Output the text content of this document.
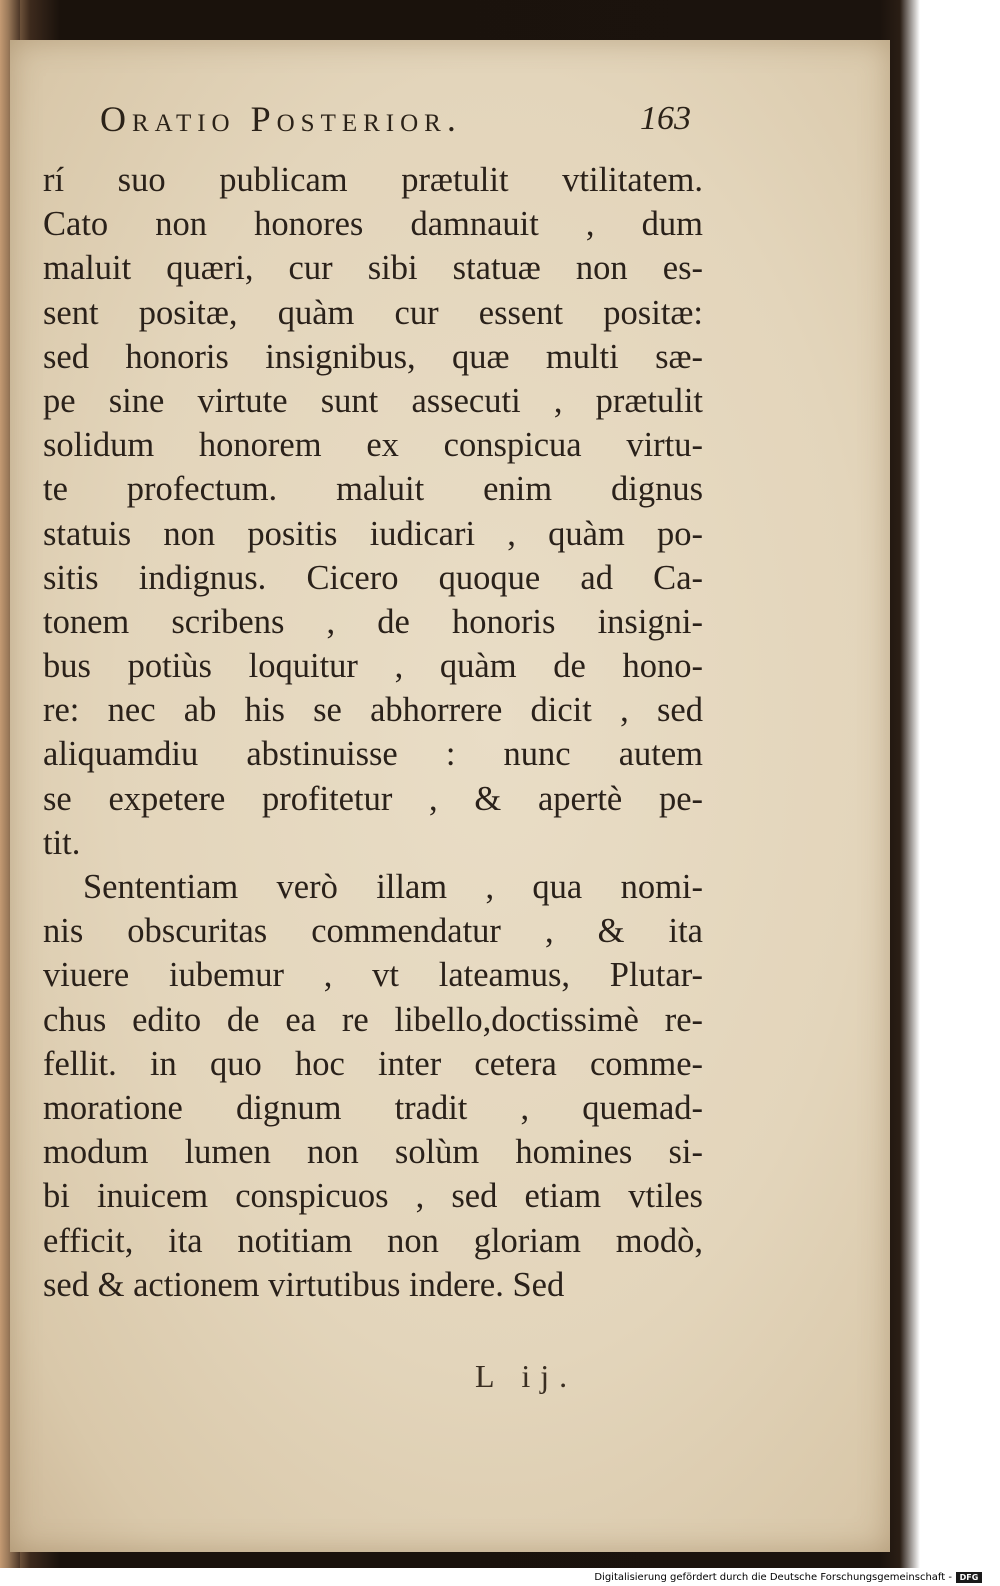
Oratio Posterior.	163
rí suo publicam prætulit vtilitatem.
Cato non honores damnauit , dum
maluit quæri, cur sibi statuæ non es-
sent positæ, quàm cur essent positæ:
sed honoris insignibus, quæ multi sæ-
pe sine virtute sunt assecuti , prætulit
solidum honorem ex conspicua virtu-
te profectum. maluit enim dignus
statuis non positis iudicari , quàm po-
sitis indignus. Cicero quoque ad Ca-
tonem scribens , de honoris insigni-
bus potiùs loquitur , quàm de hono-
re: nec ab his se abhorrere dicit , sed
aliquamdiu abstinuisse : nunc autem
se expetere profitetur , & apertè pe-
tit.
Sententiam verò illam , qua nomi-
nis obscuritas commendatur , & ita
viuere iubemur , vt lateamus, Plutar-
chus edito de ea re libello,doctissimè re-
fellit. in quo hoc inter cetera comme-
moratione dignum tradit , quemad-
modum lumen non solùm homines si-
bi inuicem conspicuos , sed etiam vtiles
efficit, ita notitiam non gloriam modò,
sed & actionem virtutibus indere. Sed
L ij.
Digitalisierung gefördert durch die Deutsche Forschungsgemeinschaft - DFG
